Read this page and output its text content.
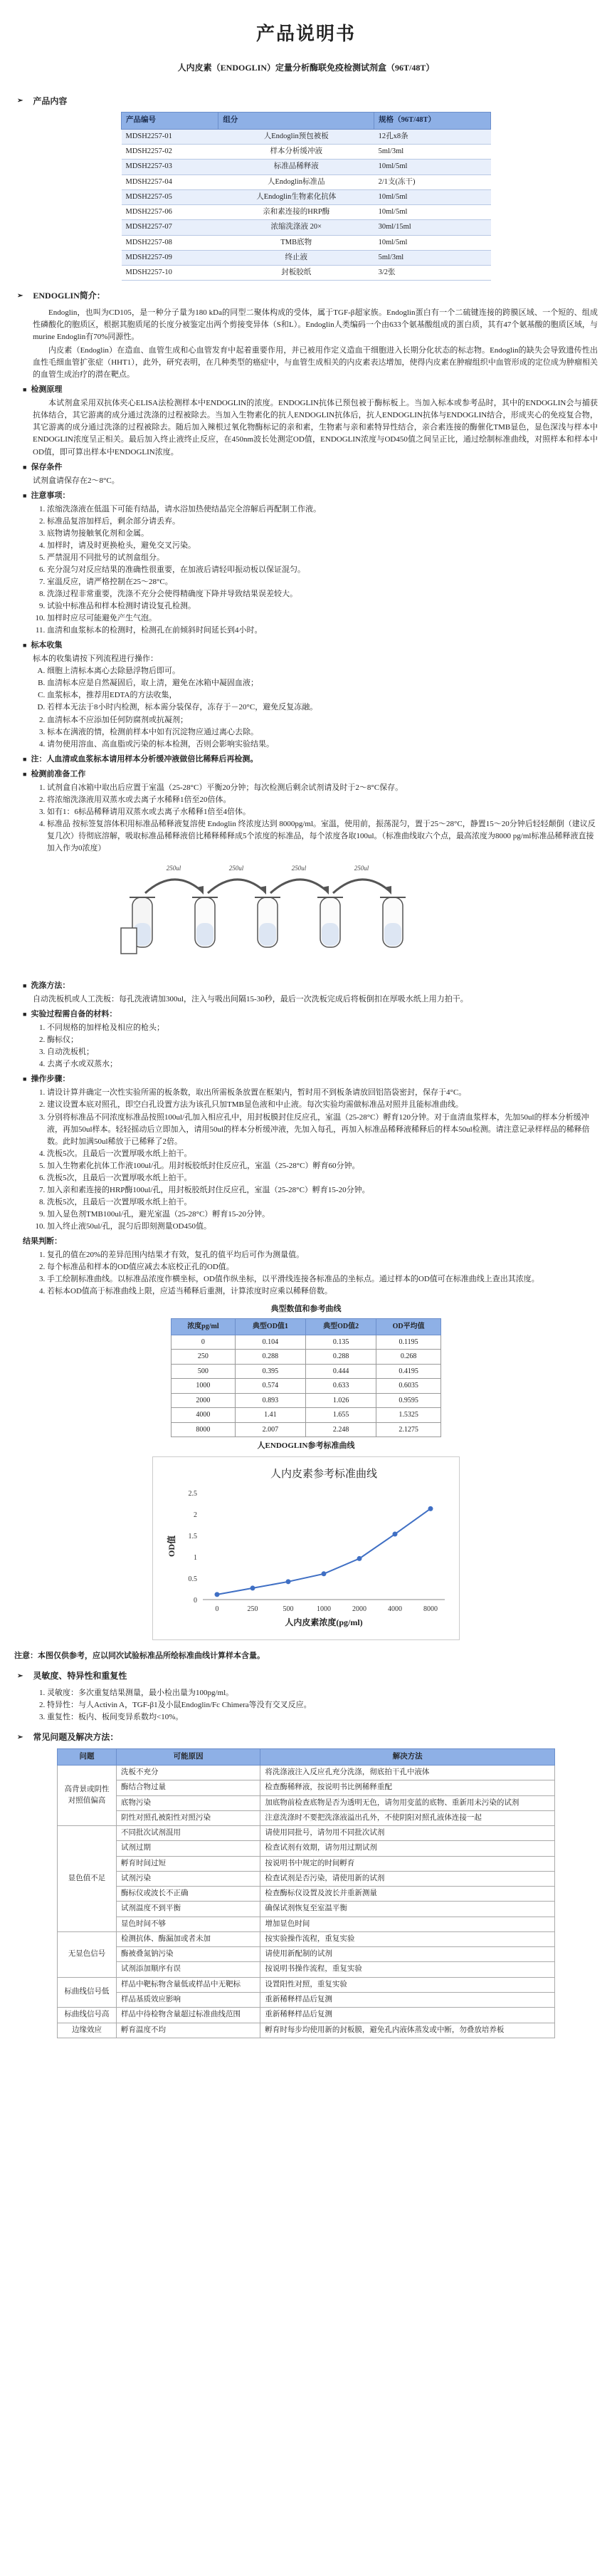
产品说明书
人内皮素（ENDOGLIN）定量分析酶联免疫检测试剂盒（96T/48T）
➢ 产品内容
产品编号	组分	规格（96T/48T）
MDSH2257-01	人Endoglin预包被板	12孔x8条
MDSH2257-02	样本分析缓冲液	5ml/3ml
MDSH2257-03	标准品稀释液	10ml/5ml
MDSH2257-04	人Endoglin标准品	2/1支(冻干)
MDSH2257-05	人Endoglin生物素化抗体	10ml/5ml
MDSH2257-06	亲和素连接的HRP酶	10ml/5ml
MDSH2257-07	浓缩洗涤液 20×	30ml/15ml
MDSH2257-08	TMB底物	10ml/5ml
MDSH2257-09	终止液	5ml/3ml
MDSH2257-10	封板胶纸	3/2张
➢ ENDOGLIN简介：

Endoglin，也叫为CD105，是一种分子量为180 kDa的同型二聚体构成的受体，属于TGF-β超家族。Endoglin蛋白有一个二硫键连接的跨膜区域、一个短的、组成性磷酸化的胞质区，根据其胞质尾的长度分被鉴定出两个剪接变异体（S和L）。Endoglin人类编码一个由633个氨基酸组成的蛋白质，其有47个氨基酸的胞质区域，与murine Endoglin有70%同源性。

内皮素（Endoglin）在造血、血管生成和心血管发育中起着重要作用，并已被用作定义造血干细胞进入长期分化状态的标志物。Endoglin的缺失会导致遗传性出血性毛细血管扩张症（HHT1），此外，研究表明，在几种类型的癌症中，与血管生成相关的内皮素表达增加，使得内皮素在肿瘤组织中血管形成的定位成为肿瘤相关的血管生成治疗的潜在靶点。

■ 检测原理

本试剂盒采用双抗体夹心ELISA法检测样本中ENDOGLIN的浓度。ENDOGLIN抗体已预包被于酶标板上。当加入标本或参考品时，其中的ENDOGLIN会与捕获抗体结合，其它游离的成分通过洗涤的过程被除去。当加入生物素化的抗人ENDOGLIN抗体后，抗人ENDOGLIN抗体与ENDOGLIN结合，形成夹心的免疫复合物，其它游离的成分通过洗涤的过程被除去。随后加入辣根过氧化物酶标记的亲和素，生物素与亲和素特异性结合，亲合素连接的酶催化TMB显色，显色深浅与样本中ENDOGLIN浓度呈正相关。最后加入终止液终止反应，在450nm波长处测定OD值，ENDOGLIN浓度与OD450值之间呈正比，通过绘制标准曲线，对照样本和样本中OD值，即可算出样本中ENDOGLIN浓度。

■ 保存条件
试剂盒请保存在2～8°C。
■ 注意事项：
1. 浓缩洗涤液在低温下可能有结晶，请水浴加热使结晶完全溶解后再配制工作液。
2. 标准品复溶加样后，剩余部分请丢弃。
3. 底物请勿接触氧化剂和金属。
4. 加样时，请及时更换枪头，避免交叉污染。
5. 严禁混用不同批号的试剂盒组分。
6. 充分混匀对反应结果的准确性很重要，在加液后请轻叩振动板以保证混匀。
7. 室温反应，请严格控制在25～28°C。
8. 洗涤过程非常重要，洗涤不充分会使得精确度下降并导致结果误差较大。
9. 试验中标准品和样本检测时请设复孔检测。
10. 加样时应尽可能避免产生气泡。
11. 血清和血浆标本的检测时，检测孔在前倾斜时间延长到4小时。
■ 标本收集
标本的收集请按下列流程进行操作：
A. 细胞上清标本离心去除悬浮物后即可。
B. 血清标本应是自然凝固后，取上清，避免在冰箱中凝固血液；
C. 血浆标本，推荐用EDTA的方法收集，
D. 若样本无法于8小时内检测，标本需分装保存，冻存于－20°C，避免反复冻融。
2. 血清标本不应添加任何防腐剂或抗凝剂；
3. 标本在满液的情，检测前样本中如有沉淀物应通过离心去除。
4. 请勿使用溶血、高血脂或污染的标本检测，否则会影响实验结果。
■ 注：人血清或血浆标本请用样本分析缓冲液做倍比稀释后再检测。
■ 检测前准备工作
1. 试剂盒自冰箱中取出后应置于室温（25-28°C）平衡20分钟；每次检测后剩余试剂请及时于2～8°C保存。
2. 将浓缩洗涤液用双蒸水或去离子水稀释1倍至20倍体。
3. 如有1：6标品稀释请用双蒸水或去离子水稀释1倍至4倍体。
4. 标准品 按标签复溶体积用标准品稀释液复溶使 Endoglin 终浓度达到 8000pg/ml。室温，使用前，振荡混匀，置于25～28°C，静置15～20分钟后轻轻颠倒（建议反复几次）待彻底溶解，吸取标准品稀释液倍比稀释稀释成5个浓度的标准品，每个浓度各取100ul。（标准曲线取六个点，最高浓度为8000 pg/ml标准品稀释液直接加入作为0浓度）
250ul	250ul	250ul	250ul
■ 洗涤方法：
自动洗板机或人工洗板：每孔洗液请加300ul，注入与吸出间隔15-30秒，最后一次洗板完成后将板倒扣在厚吸水纸上用力拍干。
■ 实验过程需自备的材料：
1. 不同规格的加样枪及相应的枪头；
2. 酶标仪；
3. 自动洗板机；
4. 去离子水或双蒸水；
■ 操作步骤：
1. 请设计算并确定一次性实验所需的板条数，取出所需板条放置在框架内，暂时用不到板条请放回铝箔袋密封，保存于4°C。
2. 建议设置本底对照孔，即空白孔设置方法为该孔只加TMB显色液和中止液。每次实验均需做标准品对照并且能标准曲线。
3. 分别将标准品不同浓度标准品按照100ul/孔加入相应孔中，用封板膜封住反应孔，室温（25-28°C）孵育120分钟。对于血清血浆样本，先加50ul的样本分析缓冲液，再加50ul样本。轻轻摇动后立即加入，请用50ul的样本分析缓冲液，先加入每孔，再加入标准品稀释液稀释后的样本50ul检测。请注意记录样样品的稀释倍数。此时加满50ul稀放于已稀释了2倍。
4. 洗板5次。且最后一次置厚吸水纸上拍干。
5. 加入生物素化抗体工作液100ul/孔。用封板胶纸封住反应孔，室温（25-28°C）孵育60分钟。
6. 洗板5次，且最后一次置厚吸水纸上拍干。
7. 加入亲和素连接的HRP酶100ul/孔，用封板胶纸封住反应孔，室温（25-28°C）孵育15-20分钟。
8. 洗板5次，且最后一次置厚吸水纸上拍干。
9. 加入显色剂TMB100ul/孔，避光室温（25-28°C）孵育15-20分钟。
10. 加入终止液50ul/孔，混匀后即刻测量OD450值。
结果判断：
1. 复孔的值在20%的差异范围内结果才有效，复孔的值平均后可作为测量值。
2. 每个标准品和样本的OD值应减去本底校正孔的OD值。
3. 手工绘制标准曲线。以标准品浓度作横坐标，OD值作纵坐标，以平滑线连接各标准品的坐标点。通过样本的OD值可在标准曲线上查出其浓度。
4. 若标本OD值高于标准曲线上限，应适当稀释后重测，计算浓度时应乘以稀释倍数。
典型数值和参考曲线
浓度pg/ml	典型OD值1	典型OD值2	OD平均值
0	0.104	0.135	0.1195
250	0.288	0.288	0.268
500	0.395	0.444	0.4195
1000	0.574	0.633	0.6035
2000	0.893	1.026	0.9595
4000	1.41	1.655	1.5325
8000	2.007	2.248	2.1275
人ENDOGLIN参考标准曲线
人内皮素参考标准曲线
0
0.5
1
1.5
2
2.5
0	250	500	1000	2000	4000	8000
人内皮素浓度(pg/ml)
OD值
注意：本图仅供参考，应以同次试验标准品所绘标准曲线计算样本含量。
➢ 灵敏度、特异性和重复性
1. 灵敏度：多次重复结果测量，最小检出量为100pg/ml。
2. 特异性：与人Activin A，TGF-β1及小鼠Endoglin/Fc Chimera等没有交叉反应。
3. 重复性：板内、板间变异系数均<10%。
➢ 常见问题及解决方法：
问题	可能原因	解决方法
高背景或阴性对照值偏高	洗板不充分	将洗涤液注入反应孔充分洗涤，彻底拍干孔中液体
	酶结合物过量	检查酶稀释液，按说明书比例稀释重配
	底物污染	加底物前检查底物是否为透明无色，请勿用变蓝的底物、重新用未污染的试剂
	阴性对照孔被阳性对照污染	注意洗涤时不要把洗涤液溢出孔外，不使阴阳对照孔液体连接一起
显色值不足	不同批次试剂混用	请使用同批号，请勿用不同批次试剂
	试剂过期	检查试剂有效期，请勿用过期试剂
	孵育时间过短	按说明书中规定的时间孵育
	试剂污染	检查试剂是否污染，请使用新的试剂
	酶标仪或波长不正确	检查酶标仪设置及波长并重新测量
	试剂温度不到平衡	确保试剂恢复至室温平衡
	显色时间不够	增加显色时间
无显色信号	检测抗体、酶漏加或者未加	按实验操作流程，重复实验
	酶被叠氮钠污染	请使用新配制的试剂
	试剂添加顺序有误	按说明书操作流程，重复实验
标曲线信号低	样品中靶标物含量低或样品中无靶标	设置阳性对照，重复实验
	样品基质效应影响	重新稀释样品后复测
标曲线信号高	样品中待检物含量超过标准曲线范围	重新稀释样品后复测
边缘效应	孵育温度不均	孵育时每步均使用新的封板膜，避免孔内液体蒸发或中断，勿叠放培养板
